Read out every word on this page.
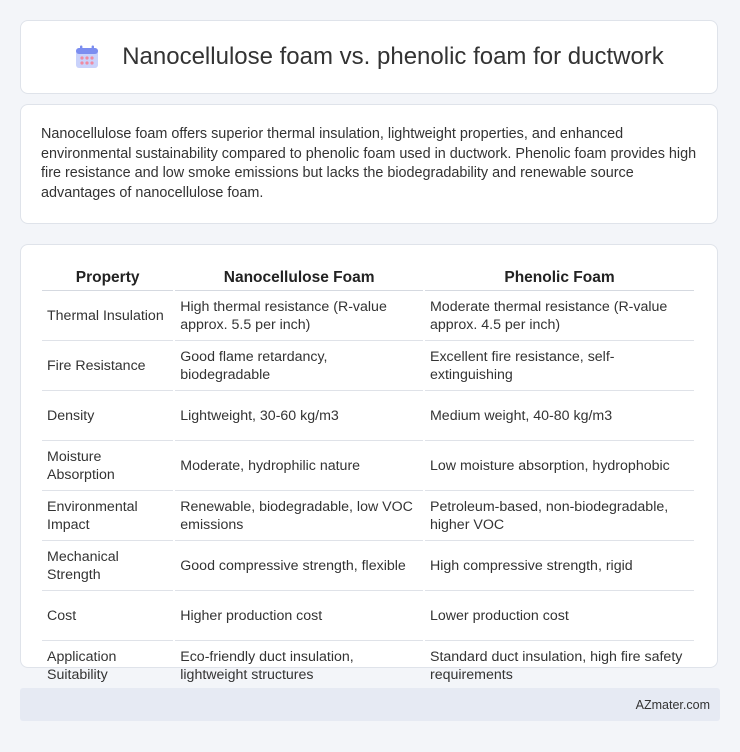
Nanocellulose foam vs. phenolic foam for ductwork

Nanocellulose foam offers superior thermal insulation, lightweight properties, and enhanced environmental sustainability compared to phenolic foam used in ductwork. Phenolic foam provides high fire resistance and low smoke emissions but lacks the biodegradability and renewable source advantages of nanocellulose foam.

Property	Nanocellulose Foam	Phenolic Foam
Thermal Insulation	High thermal resistance (R-value approx. 5.5 per inch)	Moderate thermal resistance (R-value approx. 4.5 per inch)
Fire Resistance	Good flame retardancy, biodegradable	Excellent fire resistance, self-extinguishing
Density	Lightweight, 30-60 kg/m3	Medium weight, 40-80 kg/m3
Moisture Absorption	Moderate, hydrophilic nature	Low moisture absorption, hydrophobic
Environmental Impact	Renewable, biodegradable, low VOC emissions	Petroleum-based, non-biodegradable, higher VOC
Mechanical Strength	Good compressive strength, flexible	High compressive strength, rigid
Cost	Higher production cost	Lower production cost
Application Suitability	Eco-friendly duct insulation, lightweight structures	Standard duct insulation, high fire safety requirements
AZmater.com
